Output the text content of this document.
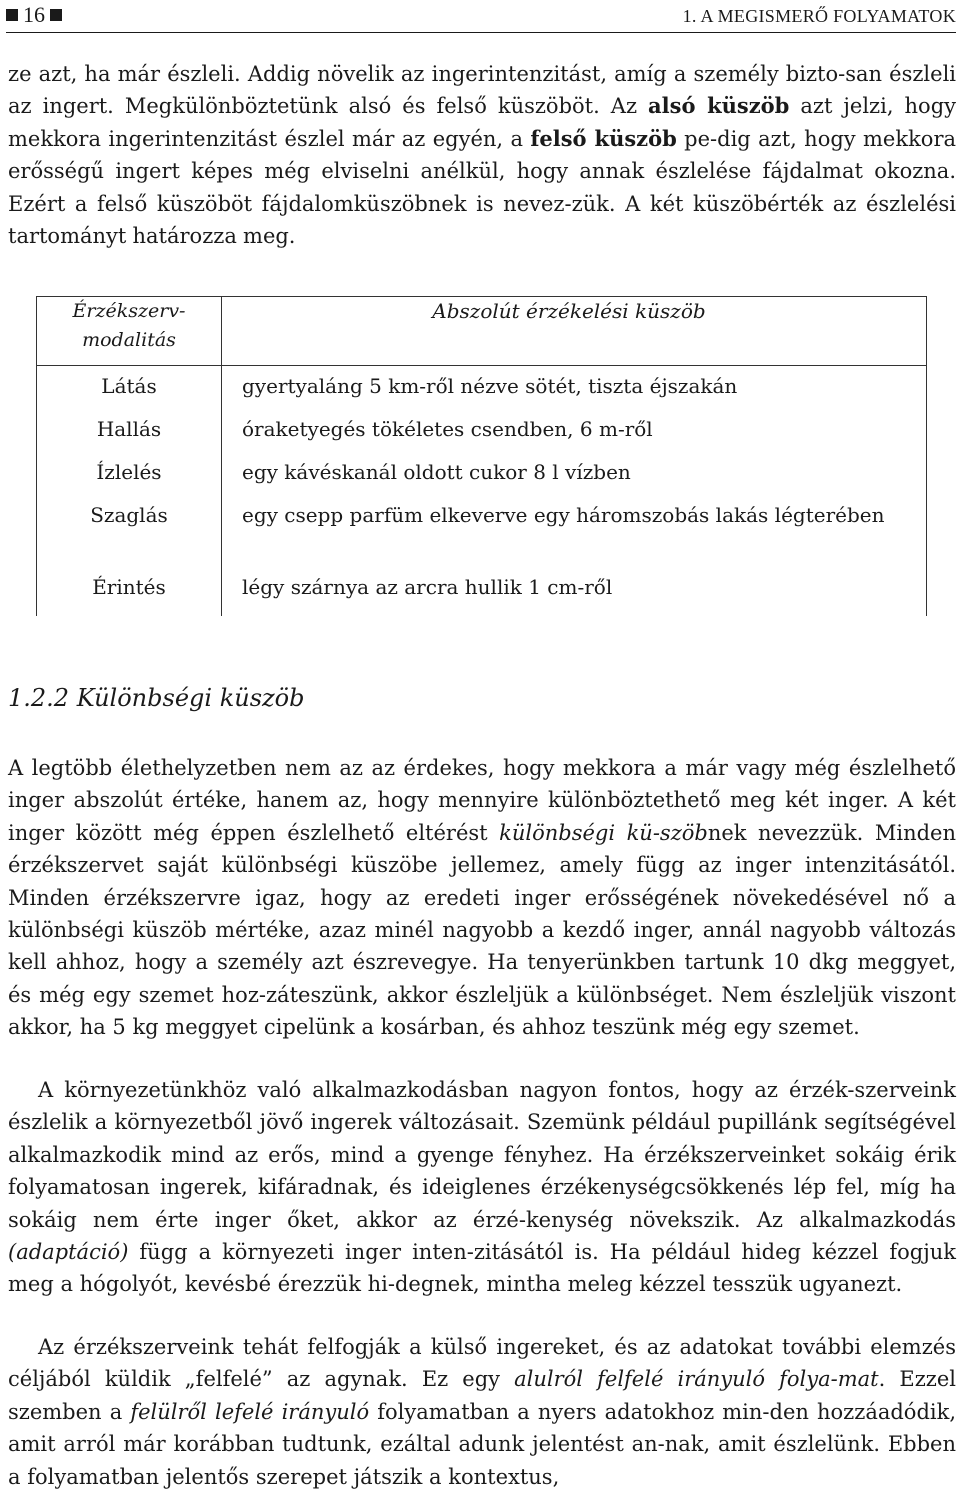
16	1. A MEGISMERŐ FOLYAMATOK

ze azt, ha már észleli. Addig növelik az ingerintenzitást, amíg a személy bizto-san észleli az ingert. Megkülönböztetünk alsó és felső küszöböt. Az alsó küszöb azt jelzi, hogy mekkora ingerintenzitást észlel már az egyén, a felső küszöb pe-dig azt, hogy mekkora erősségű ingert képes még elviselni anélkül, hogy annak észlelése fájdalmat okozna. Ezért a felső küszöböt fájdalomküszöbnek is nevez-zük. A két küszöbérték az észlelési tartományt határozza meg.

Érzékszerv-
modalitás	Abszolút érzékelési küszöb
Látás	gyertyaláng 5 km-ről nézve sötét, tiszta éjszakán
Hallás	óraketyegés tökéletes csendben, 6 m-ről
Ízlelés	egy kávéskanál oldott cukor 8 l vízben
Szaglás	egy csepp parfüm elkeverve egy háromszobás lakás légterében
Érintés	légy szárnya az arcra hullik 1 cm-ről
1.2.2 Különbségi küszöb

A legtöbb élethelyzetben nem az az érdekes, hogy mekkora a már vagy még észlelhető inger abszolút értéke, hanem az, hogy mennyire különböztethető meg két inger. A két inger között még éppen észlelhető eltérést különbségi kü-szöbnek nevezzük. Minden érzékszervet saját különbségi küszöbe jellemez, amely függ az inger intenzitásától. Minden érzékszervre igaz, hogy az eredeti inger erősségének növekedésével nő a különbségi küszöb mértéke, azaz minél nagyobb a kezdő inger, annál nagyobb változás kell ahhoz, hogy a személy azt észrevegye. Ha tenyerünkben tartunk 10 dkg meggyet, és még egy szemet hoz-záteszünk, akkor észleljük a különbséget. Nem észleljük viszont akkor, ha 5 kg meggyet cipelünk a kosárban, és ahhoz teszünk még egy szemet.

A környezetünkhöz való alkalmazkodásban nagyon fontos, hogy az érzék-szerveink észlelik a környezetből jövő ingerek változásait. Szemünk például pupillánk segítségével alkalmazkodik mind az erős, mind a gyenge fényhez. Ha érzékszerveinket sokáig érik folyamatosan ingerek, kifáradnak, és ideiglenes érzékenységcsökkenés lép fel, míg ha sokáig nem érte inger őket, akkor az érzé-kenység növekszik. Az alkalmazkodás (adaptáció) függ a környezeti inger inten-zitásától is. Ha például hideg kézzel fogjuk meg a hógolyót, kevésbé érezzük hi-degnek, mintha meleg kézzel tesszük ugyanezt.

Az érzékszerveink tehát felfogják a külső ingereket, és az adatokat további elemzés céljából küldik „felfelé” az agynak. Ez egy alulról felfelé irányuló folya-mat. Ezzel szemben a felülről lefelé irányuló folyamatban a nyers adatokhoz min-den hozzáadódik, amit arról már korábban tudtunk, ezáltal adunk jelentést an-nak, amit észlelünk. Ebben a folyamatban jelentős szerepet játszik a kontextus,
